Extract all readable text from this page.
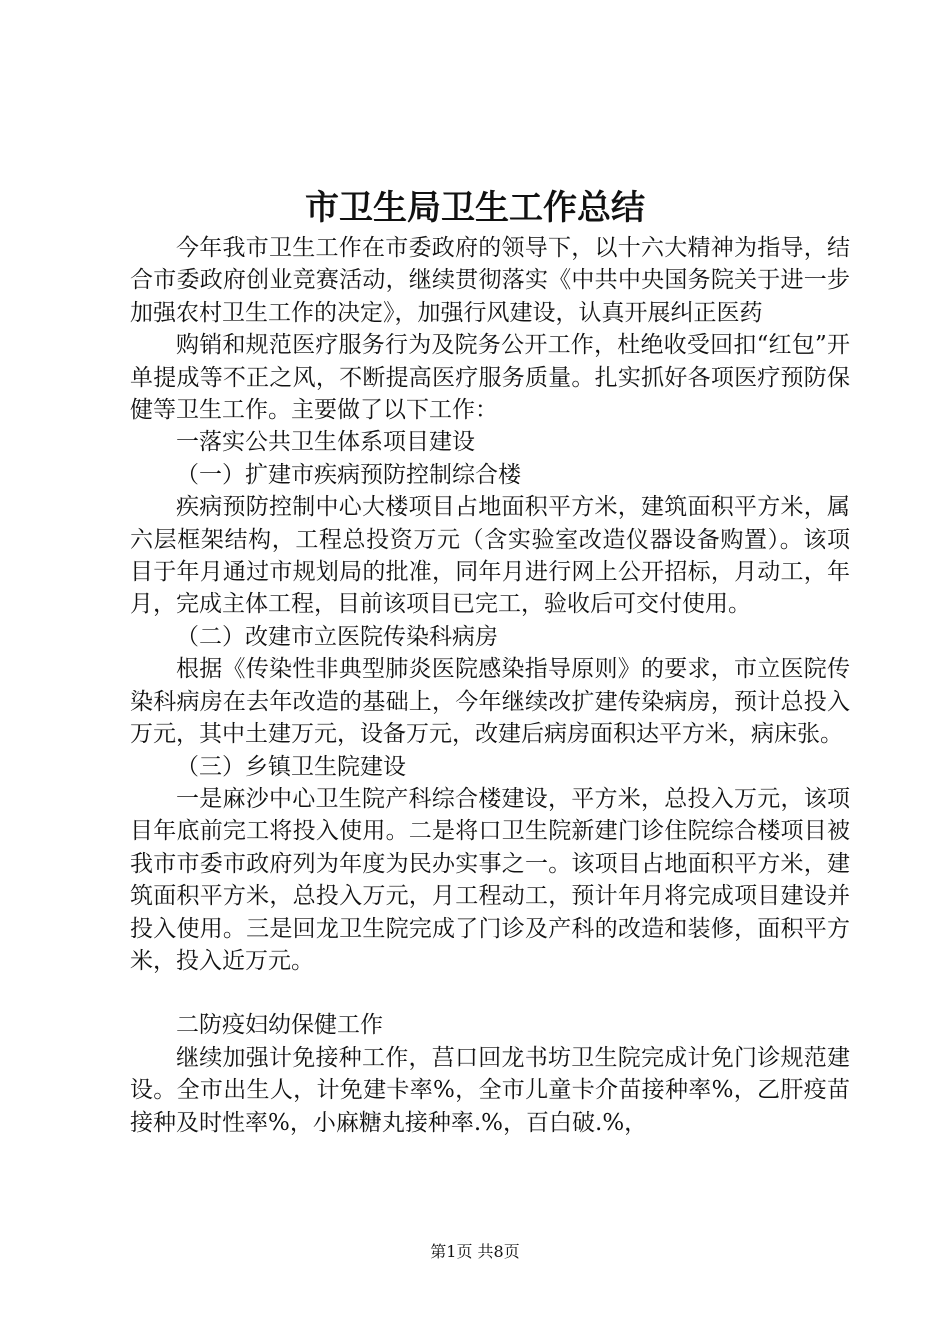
市卫生局卫生工作总结

今年我市卫生工作在市委政府的领导下，以十六大精神为指导，结合市委政府创业竞赛活动，继续贯彻落实《中共中央国务院关于进一步加强农村卫生工作的决定》，加强行风建设，认真开展纠正医药

购销和规范医疗服务行为及院务公开工作，杜绝收受回扣“红包”开单提成等不正之风，不断提高医疗服务质量。扎实抓好各项医疗预防保健等卫生工作。主要做了以下工作：

一落实公共卫生体系项目建设

（一）扩建市疾病预防控制综合楼

疾病预防控制中心大楼项目占地面积平方米，建筑面积平方米，属六层框架结构，工程总投资万元（含实验室改造仪器设备购置）。该项目于年月通过市规划局的批准，同年月进行网上公开招标，月动工，年月，完成主体工程，目前该项目已完工，验收后可交付使用。

（二）改建市立医院传染科病房

根据《传染性非典型肺炎医院感染指导原则》的要求，市立医院传染科病房在去年改造的基础上，今年继续改扩建传染病房，预计总投入万元，其中土建万元，设备万元，改建后病房面积达平方米，病床张。

（三）乡镇卫生院建设

一是麻沙中心卫生院产科综合楼建设，平方米，总投入万元，该项目年底前完工将投入使用。二是将口卫生院新建门诊住院综合楼项目被我市市委市政府列为年度为民办实事之一。该项目占地面积平方米，建筑面积平方米，总投入万元，月工程动工，预计年月将完成项目建设并投入使用。三是回龙卫生院完成了门诊及产科的改造和装修，面积平方米，投入近万元。

二防疫妇幼保健工作

继续加强计免接种工作，莒口回龙书坊卫生院完成计免门诊规范建设。全市出生人，计免建卡率%，全市儿童卡介苗接种率%，乙肝疫苗接种及时性率%，小麻糖丸接种率.%，百白破.%，

第1页 共8页
